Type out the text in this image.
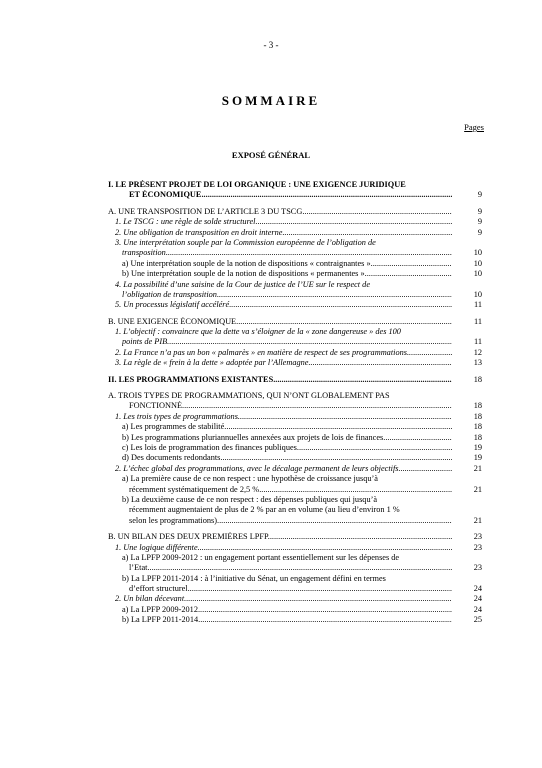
- 3 -
SOMMAIRE
Pages
EXPOSÉ GÉNÉRAL
I. LE PRÉSENT PROJET DE LOI ORGANIQUE : UNE EXIGENCE JURIDIQUE
ET ÉCONOMIQUE .....	9
A. UNE TRANSPOSITION DE L’ARTICLE 3 DU TSCG .....	9
1. Le TSCG : une règle de solde structurel .....	9
2. Une obligation de transposition en droit interne .....	9
3. Une interprétation souple par la Commission européenne de l’obligation de
transposition .....	10
a) Une interprétation souple de la notion de dispositions « contraignantes » .....	10
b) Une interprétation souple de la notion de dispositions « permanentes » .....	10
4. La possibilité d’une saisine de la Cour de justice de l’UE sur le respect de
l’obligation de transposition .....	10
5. Un processus législatif accéléré .....	11
B. UNE EXIGENCE ÉCONOMIQUE .....	11
1. L’objectif : convaincre que la dette va s’éloigner de la « zone dangereuse » des 100
points de PIB .....	11
2. La France n’a pas un bon « palmarès » en matière de respect de ses programmations .....	12
3. La règle de « frein à la dette » adoptée par l’Allemagne .....	13
II. LES PROGRAMMATIONS EXISTANTES .....	18
A. TROIS TYPES DE PROGRAMMATIONS, QUI N’ONT GLOBALEMENT PAS
FONCTIONNÉ .....	18
1. Les trois types de programmations .....	18
a) Les programmes de stabilité .....	18
b) Les programmations pluriannuelles annexées aux projets de lois de finances .....	18
c) Les lois de programmation des finances publiques .....	19
d) Des documents redondants .....	19
2. L’échec global des programmations, avec le décalage permanent de leurs objectifs .....	21
a) La première cause de ce non respect : une hypothèse de croissance jusqu’à
récemment systématiquement de 2,5 % .....	21
b) La deuxième cause de ce non respect : des dépenses publiques qui jusqu’à
récemment augmentaient de plus de 2 % par an en volume (au lieu d’environ 1 %
selon les programmations) .....	21
B. UN BILAN DES DEUX PREMIÈRES LPFP .....	23
1. Une logique différente .....	23
a) La LPFP 2009-2012 : un engagement portant essentiellement sur les dépenses de
l’Etat .....	23
b) La LPFP 2011-2014 : à l’initiative du Sénat, un engagement défini en termes
d’effort structurel .....	24
2. Un bilan décevant .....	24
a) La LPFP 2009-2012 .....	24
b) La LPFP 2011-2014 .....	25
